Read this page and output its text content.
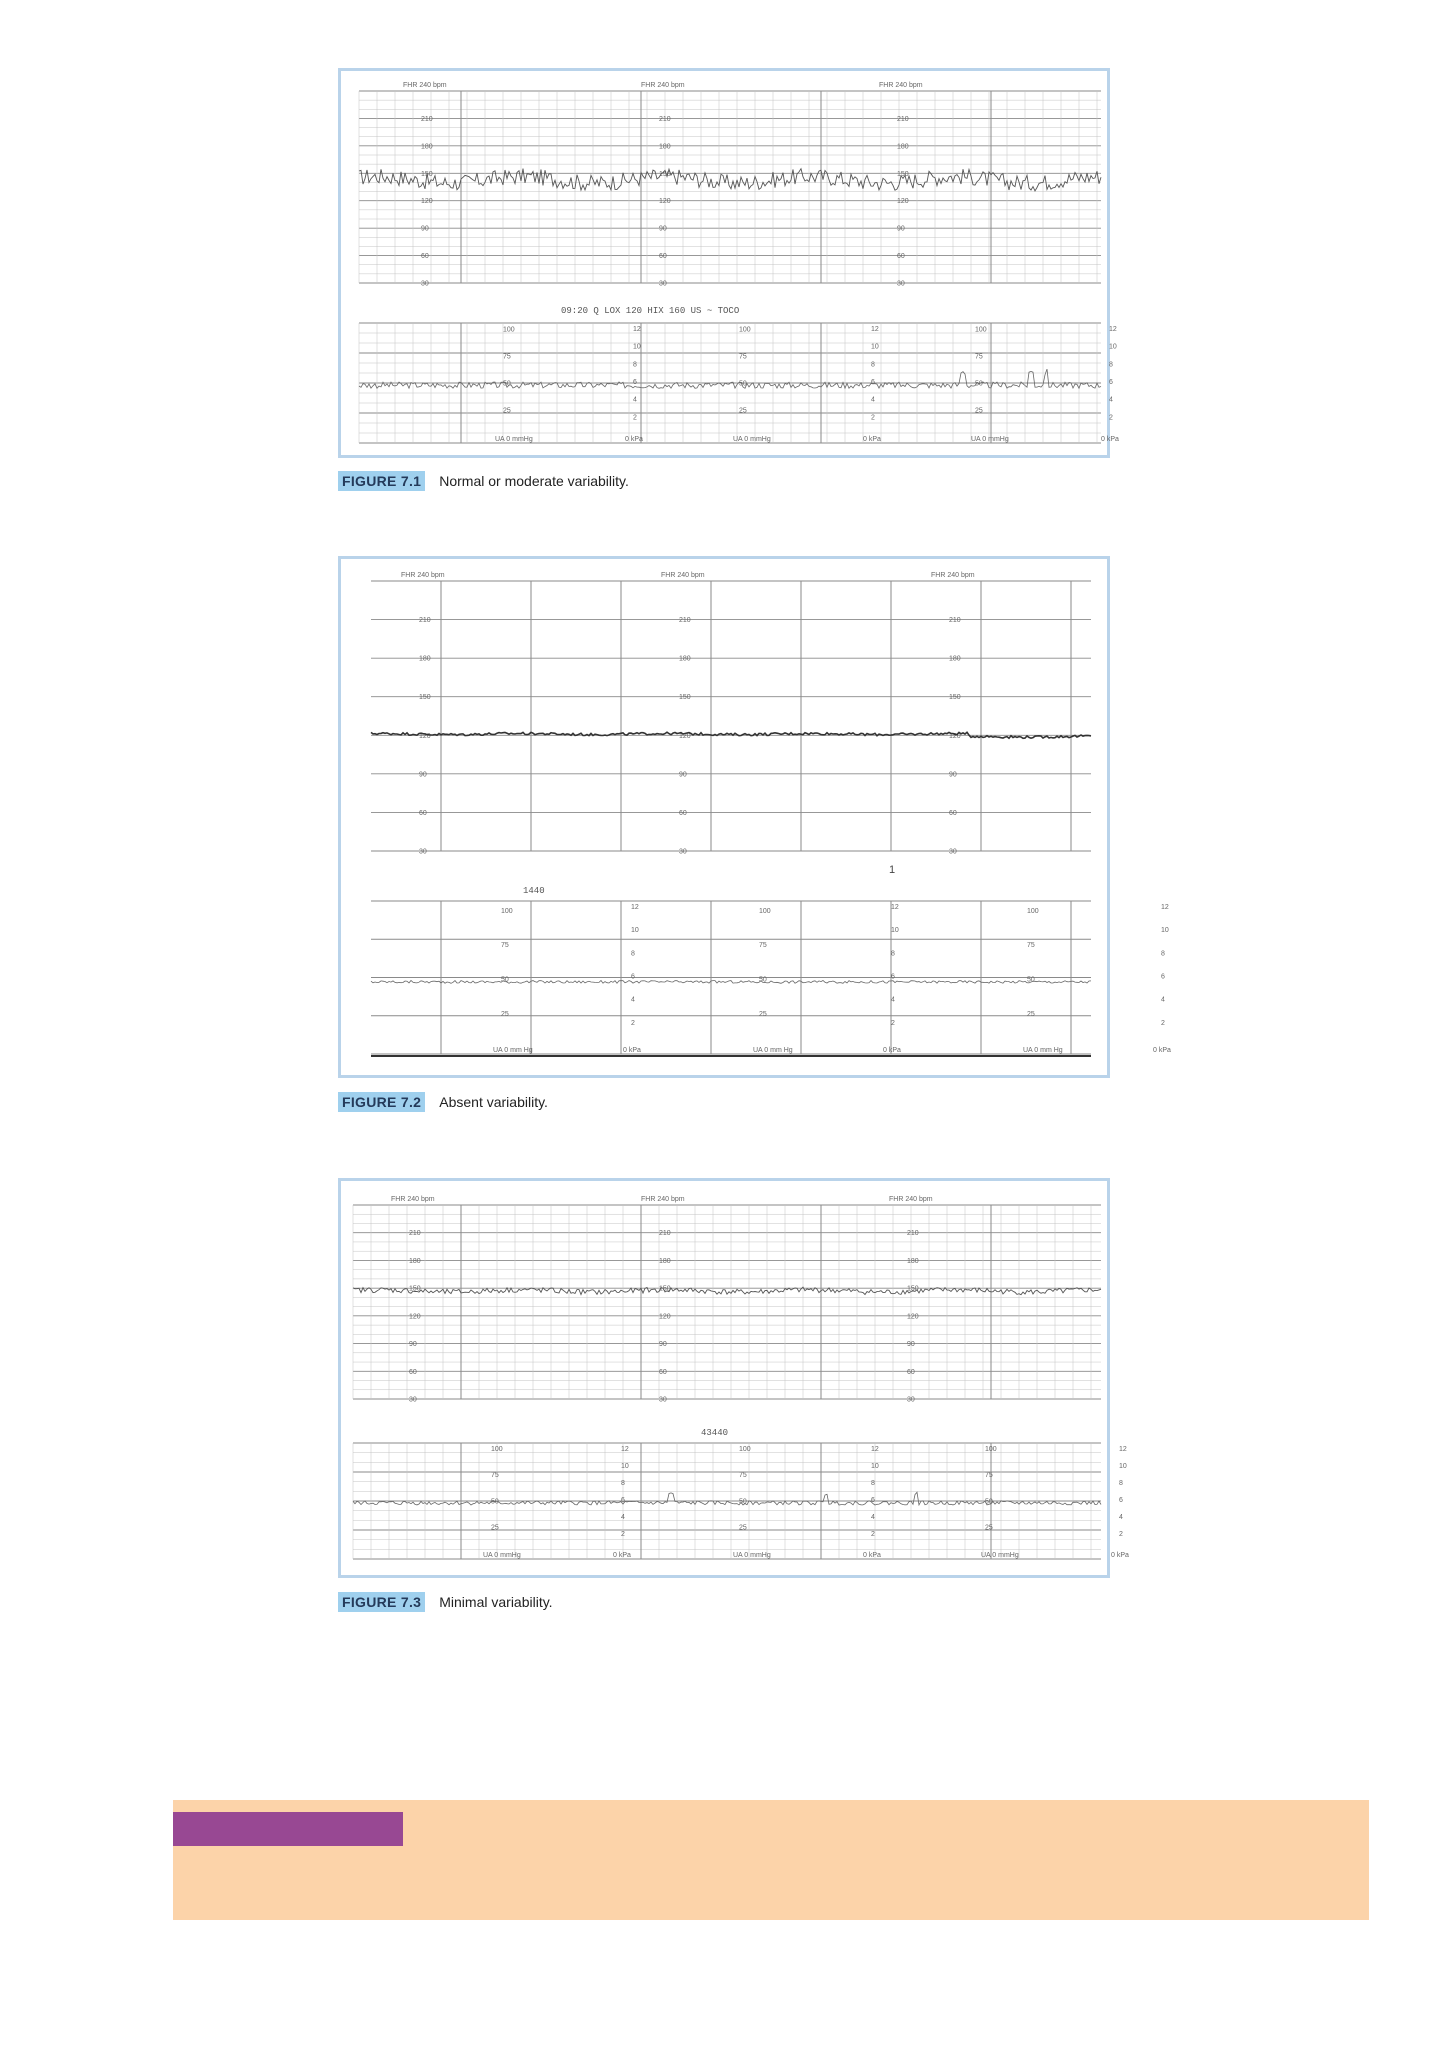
FHR 240 bpm
210
180
150
120
90
60
30
FHR 240 bpm
210
180
150
120
90
60
30
FHR 240 bpm
210
180
150
120
90
60
30
09:20 Q LOX 120 HIX 160 US ~ TOCO
100
75
50
25
12
10
8
6
4
2
UA 0 mmHg	0 kPa
100
75
50
25
12
10
8
6
4
2
UA 0 mmHg	0 kPa
100
75
50
25
12
10
8
6
4
2
UA 0 mmHg	0 kPa
FIGURE 7.1 Normal or moderate variability.
FHR 240 bpm
210
180
150
120
90
60
30
FHR 240 bpm
210
180
150
120
90
60
30
FHR 240 bpm
210
180
150
120
90
60
30
1440
100
75
50
25
12
10
8
6
4
2
UA 0 mm Hg	0 kPa
100
75
50
25
12
10
8
6
4
2
UA 0 mm Hg	0 kPa
100
75
50
25
12
10
8
6
4
2
UA 0 mm Hg	0 kPa
1
FIGURE 7.2 Absent variability.
FHR 240 bpm
210
180
150
120
90
60
30
FHR 240 bpm
210
180
150
120
90
60
30
FHR 240 bpm
210
180
150
120
90
60
30
43440
100
75
50
25
12
10
8
6
4
2
UA 0 mmHg	0 kPa
100
75
50
25
12
10
8
6
4
2
UA 0 mmHg	0 kPa
100
75
50
25
12
10
8
6
4
2
UA 0 mmHg	0 kPa
FIGURE 7.3 Minimal variability.
